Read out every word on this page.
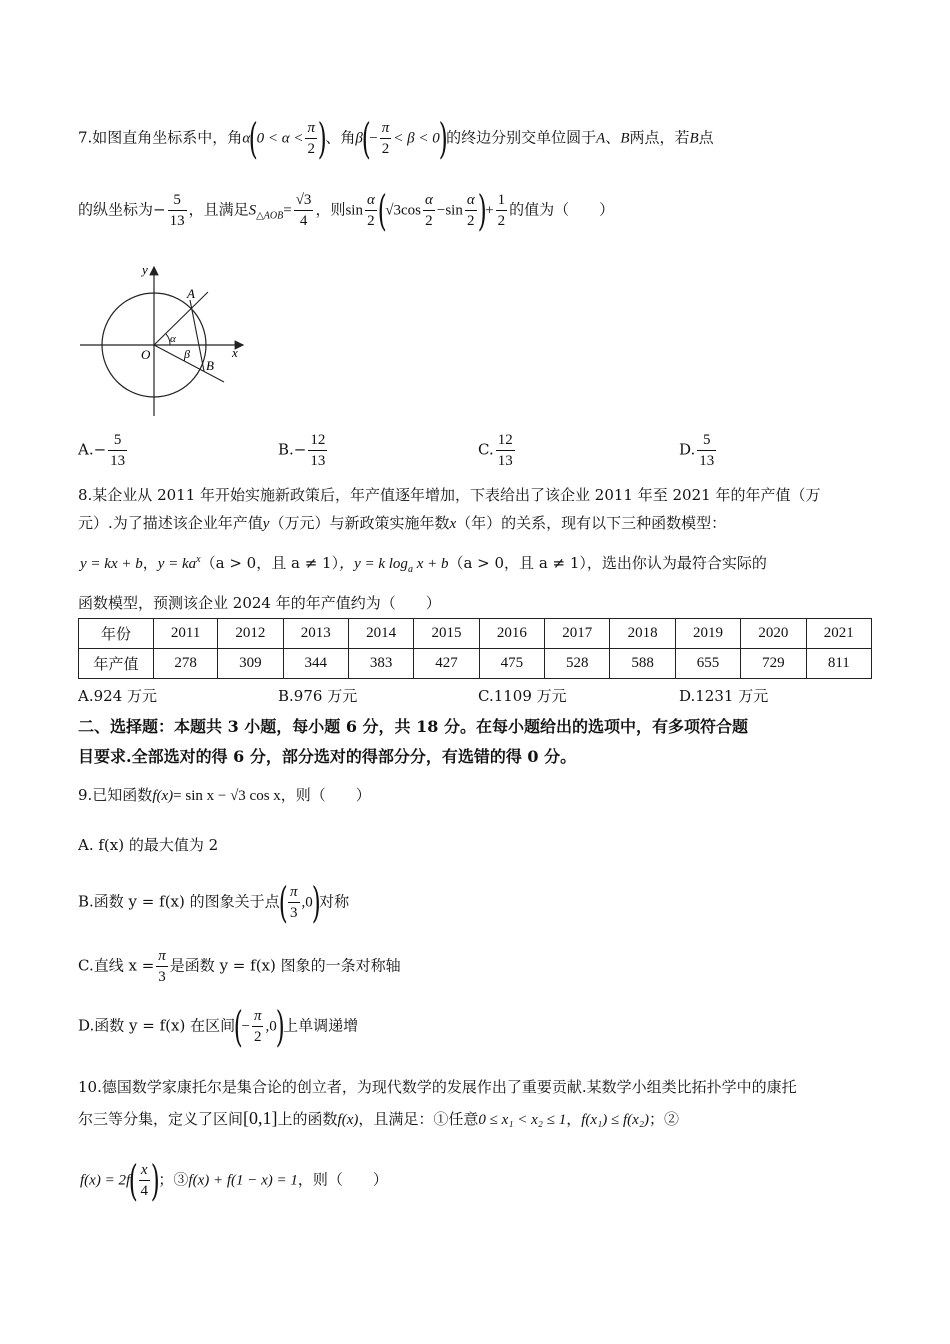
7.如图直角坐标系中，角$\alpha(0 < \alpha < \frac{\pi}{2}$ )、角$\beta(- \frac{\pi}{2} < \beta < 0)$的终边分别交单位圆于A、B两点，若B点
的纵坐标为− $\frac{5}{13}$ ，且满足$S_{\triangle AOB}= \frac{√3}{4}$ ，则$\sin \frac{\alpha}{2} (√3\cos \frac{\alpha}{2} -\sin \frac{\alpha}{2}$ )+ $\frac{1}{2}$ 的值为（　　）
y
x
O
A
B
α
β
$A.- \frac{5}{13}$	$B.- \frac{12}{13}$	C. $\frac{12}{13}$	D. $\frac{5}{13}$
8.某企业从 2011 年开始实施新政策后，年产值逐年增加，下表给出了该企业 2011 年至 2021 年的年产值（万
元）.为了描述该企业年产值y（万元）与新政策实施年数x（年）的关系，现有以下三种函数模型：
y = kx + b，$y = ka^x(a > 0$，且 a ≠ 1），y = k $\log_a x + b(a > 0$，且 a ≠ 1），选出你认为最符合实际的
函数模型，预测该企业 2024 年的年产值约为（　　）
年份	2011	2012	2013	2014	2015	2016	2017	2018	2019	2020	2021
年产值	278	309	344	383	427	475	528	588	655	729	811
A.924 万元	B.976 万元	C.1109 万元	D.1231 万元
二、选择题：本题共 3 小题，每小题 6 分，共 18 分。在每小题给出的选项中，有多项符合题
目要求.全部选对的得 6 分，部分选对的得部分分，有选错的得 0 分。
9.已知函数f(x)= sin x − √3 cos x，则（　　）
A. f(x) 的最大值为 2
B.函数 y = f(x) 的图象关于点( $\frac{\pi}{3} ,0$)对称
C.直线 $x = \frac{\pi}{3}$ 是函数 y = f(x) 图象的一条对称轴
D.函数 y = f(x) 在区间(− $\frac{\pi}{2} ,0$)上单调递增
10.德国数学家康托尔是集合论的创立者，为现代数学的发展作出了重要贡献.某数学小组类比拓扑学中的康托
尔三等分集，定义了区间[0,1]上的函数f(x)，且满足：①任意0 ≤ x₁ < x₂ ≤ 1，f(x₁) ≤ f(x₂)；②
$f(x) = 2f( \frac{x}{4}$ )；③f(x) + f(1 − x) = 1，则（　　）
